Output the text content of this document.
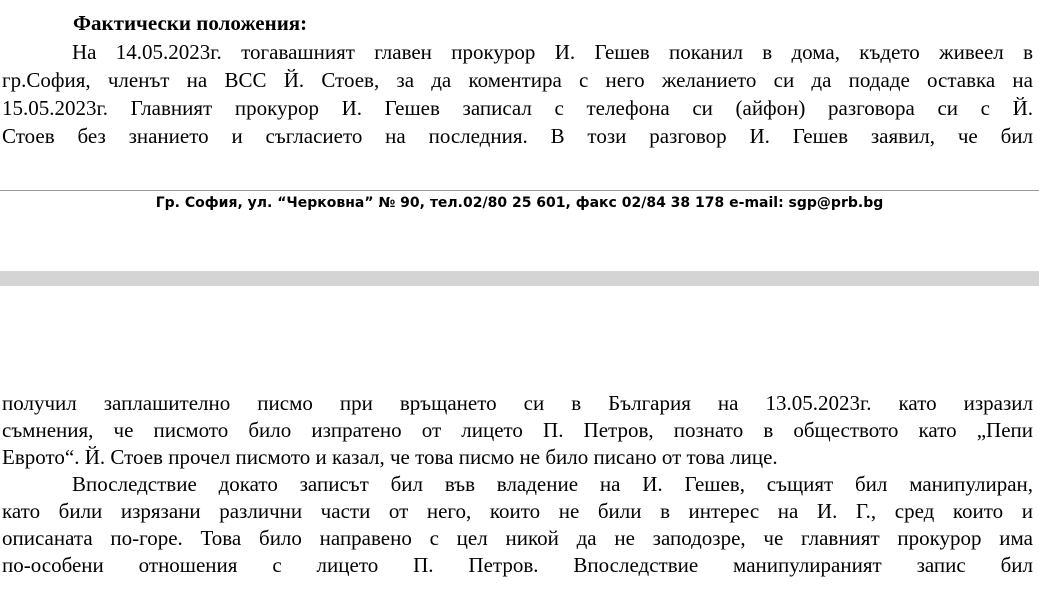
Фактически положения:
На 14.05.2023г. тогавашният главен прокурор И. Гешев поканил в дома, където живеел в
гр.София, членът на ВСС Й. Стоев, за да коментира с него желанието си да подаде оставка на
15.05.2023г. Главният прокурор И. Гешев записал с телефона си (айфон) разговора си с Й.
Стоев без знанието и съгласието на последния. В този разговор И. Гешев заявил, че бил
Гр. София, ул. “Черковна” № 90, тел.02/80 25 601, факс 02/84 38 178 e-mail: sgp@prb.bg
получил заплашително писмо при връщането си в България на 13.05.2023г. като изразил
съмнения, че писмото било изпратено от лицето П. Петров, познато в обществото като „Пепи
Еврото“. Й. Стоев прочел писмото и казал, че това писмо не било писано от това лице.
Впоследствие докато записът бил във владение на И. Гешев, същият бил манипулиран,
като били изрязани различни части от него, които не били в интерес на И. Г., сред които и
описаната по-горе. Това било направено с цел никой да не заподозре, че главният прокурор има
по-особени отношения с лицето П. Петров. Впоследствие манипулираният запис бил
